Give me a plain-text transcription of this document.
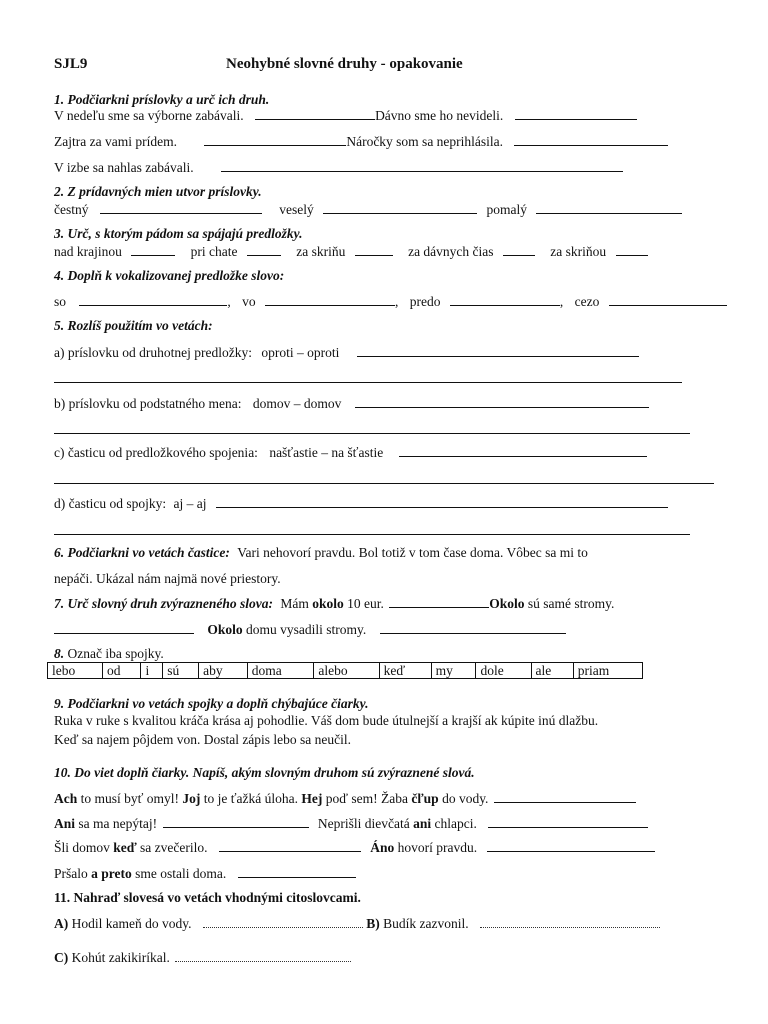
SJL9	Neohybné slovné druhy - opakovanie
1. Podčiarkni príslovky a urč ich druh.
V nedeľu sme sa výborne zabávali.	Dávno sme ho nevideli.
Zajtra za vami prídem.	Náročky som sa neprihlásila.
V izbe sa nahlas zabávali.
2. Z prídavných mien utvor príslovky.
čestný	veselý	pomalý
3. Urč, s ktorým pádom sa spájajú predložky.
nad krajinou	pri chate	za skriňu	za dávnych čias	za skriňou
4. Doplň k vokalizovanej predložke slovo:
so	, vo	, predo	, cezo
5. Rozlíš použitím vo vetách:
a) príslovku od druhotnej predložky: oproti – oproti
b) príslovku od podstatného mena: domov – domov
c) časticu od predložkového spojenia: našťastie – na šťastie
d) časticu od spojky: aj – aj
6. Podčiarkni vo vetách častice: Vari nehovorí pravdu. Bol totiž v tom čase doma. Vôbec sa mi to
nepáči. Ukázal nám najmä nové priestory.
7. Urč slovný druh zvýrazneného slova: Mám okolo 10 eur.	Okolo sú samé stromy.
Okolo domu vysadili stromy.
8. Označ iba spojky.
lebo	od	i	sú	aby	doma	alebo	keď	my	dole	ale	priam
9. Podčiarkni vo vetách spojky a doplň chýbajúce čiarky.
Ruka v ruke s kvalitou kráča krása aj pohodlie. Váš dom bude útulnejší a krajší ak kúpite inú dlažbu.
Keď sa najem pôjdem von. Dostal zápis lebo sa neučil.
10. Do viet doplň čiarky. Napíš, akým slovným druhom sú zvýraznené slová.
Ach to musí byť omyl! Joj to je ťažká úloha. Hej poď sem! Žaba čľup do vody.
Ani sa ma nepýtaj!	Neprišli dievčatá ani chlapci.
Šli domov keď sa zvečerilo.	Áno hovorí pravdu.
Pršalo a preto sme ostali doma.
11. Nahraď slovesá vo vetách vhodnými citoslovcami.
A) Hodil kameň do vody.	B) Budík zazvonil.
C) Kohút zakikiríkal.
